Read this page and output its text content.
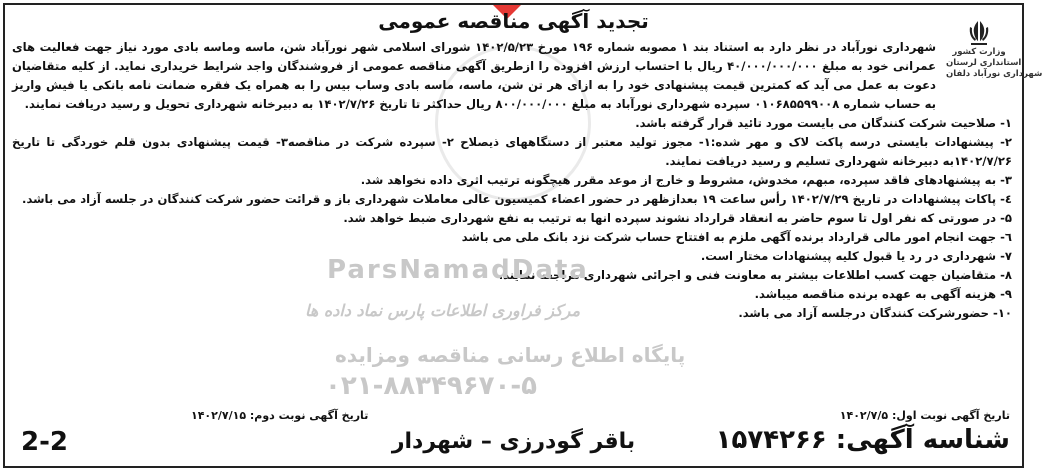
وزارت کشور
استانداری لرستان
شهرداری نورآباد دلفان
تجدید آگهی مناقصه عمومی

شهرداری نورآباد در نظر دارد به استناد بند ۱ مصوبه شماره ۱۹۶ مورخ ۱۴۰۲/۵/۲۳ شورای اسلامی شهر نورآباد شن، ماسه وماسه بادی مورد نیاز جهت فعالیت های عمرانی خود به مبلغ ۴۰/۰۰۰/۰۰۰/۰۰۰ ریال با احتساب ارزش افزوده را ازطریق آگهی مناقصه عمومی از فروشندگان واجد شرایط خریداری نماید. از کلیه متقاضیان دعوت به عمل می آید که کمترین قیمت پیشنهادی خود را به ازای هر تن شن، ماسه، ماسه بادی وساب بیس را به همراه یک فقره ضمانت نامه بانکی یا فیش واریز به حساب شماره ۰۱۰۶۸۵۵۹۹۰۰۸ سپرده شهرداری نورآباد به مبلغ ۸۰۰/۰۰۰/۰۰۰ ریال حداکثر تا تاریخ ۱۴۰۲/۷/۲۶ به دبیرخانه شهرداری تحویل و رسید دریافت نمایند.

۱- صلاحیت شرکت کنندگان می بایست مورد تائید قرار گرفته باشد.

۲- پیشنهادات بایستی درسه پاکت لاک و مهر شده:۱- مجوز تولید معتبر از دستگاههای ذیصلاح ۲- سپرده شرکت در مناقصه۳- قیمت پیشنهادی بدون قلم خوردگی تا تاریخ ۱۴۰۲/۷/۲۶به دبیرخانه شهرداری تسلیم و رسید دریافت نمایند.

۳- به پیشنهادهای فاقد سپرده، مبهم، مخدوش، مشروط و خارج از موعد مقرر هیچگونه ترتیب اثری داده نخواهد شد.

٤- پاکات پیشنهادات در تاریخ ۱۴۰۲/۷/۲۹ رأس ساعت ۱۹ بعدازظهر در حضور اعضاء کمیسیون عالی معاملات شهرداری باز و قرائت حضور شرکت کنندگان در جلسه آزاد می باشد.

۵- در صورتی که نفر اول تا سوم حاضر به انعقاد قرارداد نشوند سپرده انها به ترتیب به نفع شهرداری ضبط خواهد شد.

٦- جهت انجام امور مالی قرارداد برنده آگهی ملزم به افتتاح حساب شرکت نزد بانک ملی می باشد

۷- شهرداری در رد یا قبول کلیه پیشنهادات مختار است.

۸- متقاضیان جهت کسب اطلاعات بیشتر به معاونت فنی و اجرائی شهرداری مراجعه نمایند.

۹- هزینه آگهی به عهده برنده مناقصه میباشد.

۱۰- حضورشرکت کنندگان درجلسه آزاد می باشد.

ParsNamadData
مرکز فراوری اطلاعات پارس نماد داده ها
پایگاه اطلاع رسانی مناقصه ومزایده
۰۲۱-۸۸۳۴۹۶۷۰-۵
تاریخ آگهی نوبت اول: ۱۴۰۲/۷/۵
تاریخ آگهی نوبت دوم: ۱۴۰۲/۷/۱۵
شناسه آگهی: ۱۵۷۴۲۶۶
باقر گودرزی – شهردار
2-2
